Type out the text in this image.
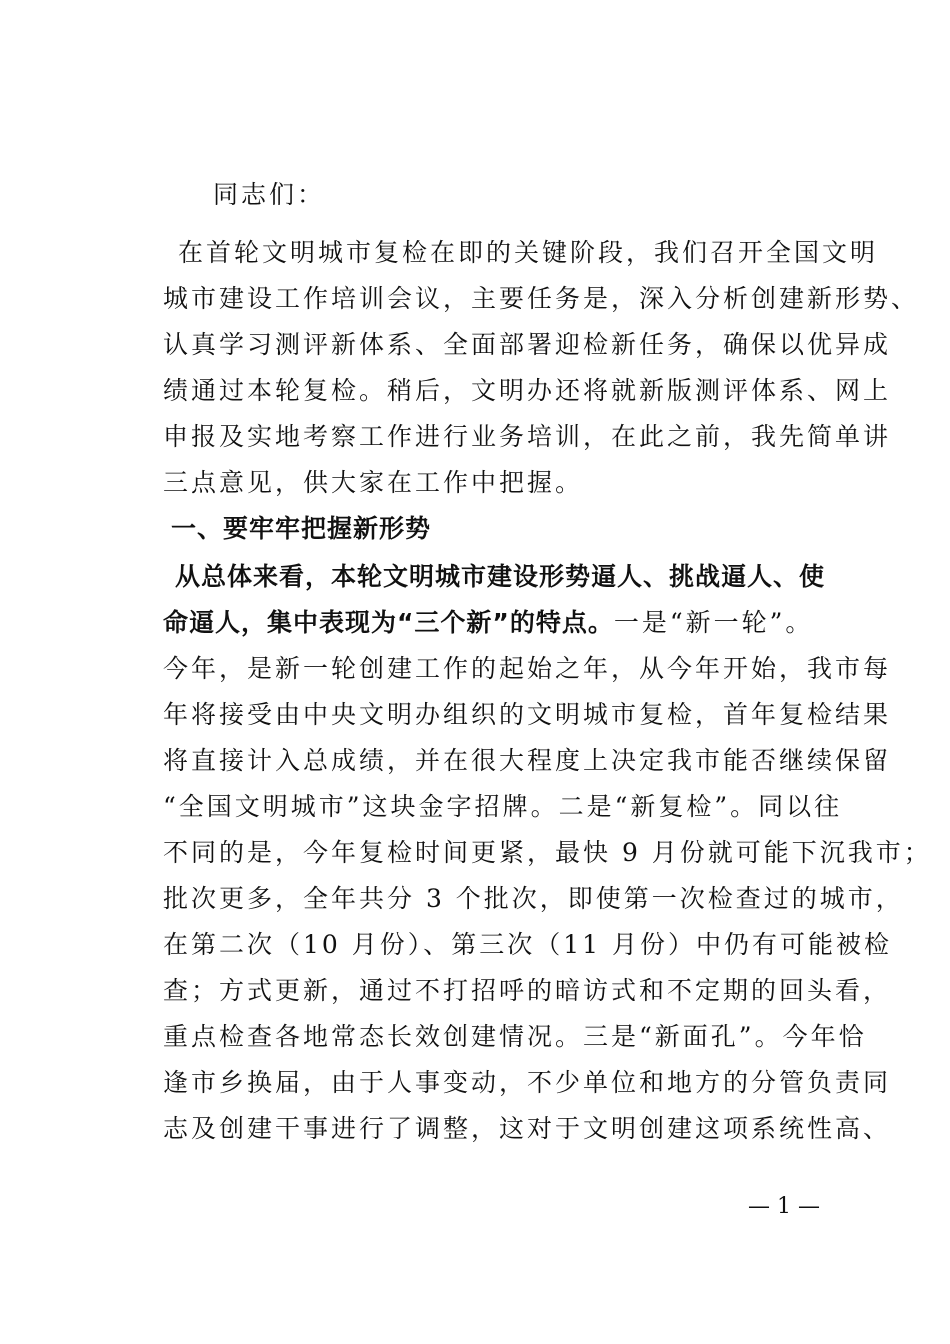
同志们：
在首轮文明城市复检在即的关键阶段，我们召开全国文明
城市建设工作培训会议，主要任务是，深入分析创建新形势、
认真学习测评新体系、全面部署迎检新任务，确保以优异成
绩通过本轮复检。稍后，文明办还将就新版测评体系、网上
申报及实地考察工作进行业务培训，在此之前，我先简单讲
三点意见，供大家在工作中把握。
一、要牢牢把握新形势
从总体来看，本轮文明城市建设形势逼人、挑战逼人、使
命逼人，集中表现为“三个新”的特点。一是“新一轮”。
今年，是新一轮创建工作的起始之年，从今年开始，我市每
年将接受由中央文明办组织的文明城市复检，首年复检结果
将直接计入总成绩，并在很大程度上决定我市能否继续保留
“全国文明城市”这块金字招牌。二是“新复检”。同以往
不同的是，今年复检时间更紧，最快 9 月份就可能下沉我市；
批次更多，全年共分 3 个批次，即使第一次检查过的城市，
在第二次（10 月份）、第三次（11 月份）中仍有可能被检
查；方式更新，通过不打招呼的暗访式和不定期的回头看，
重点检查各地常态长效创建情况。三是“新面孔”。今年恰
逢市乡换届，由于人事变动，不少单位和地方的分管负责同
志及创建干事进行了调整，这对于文明创建这项系统性高、
— 1 —
